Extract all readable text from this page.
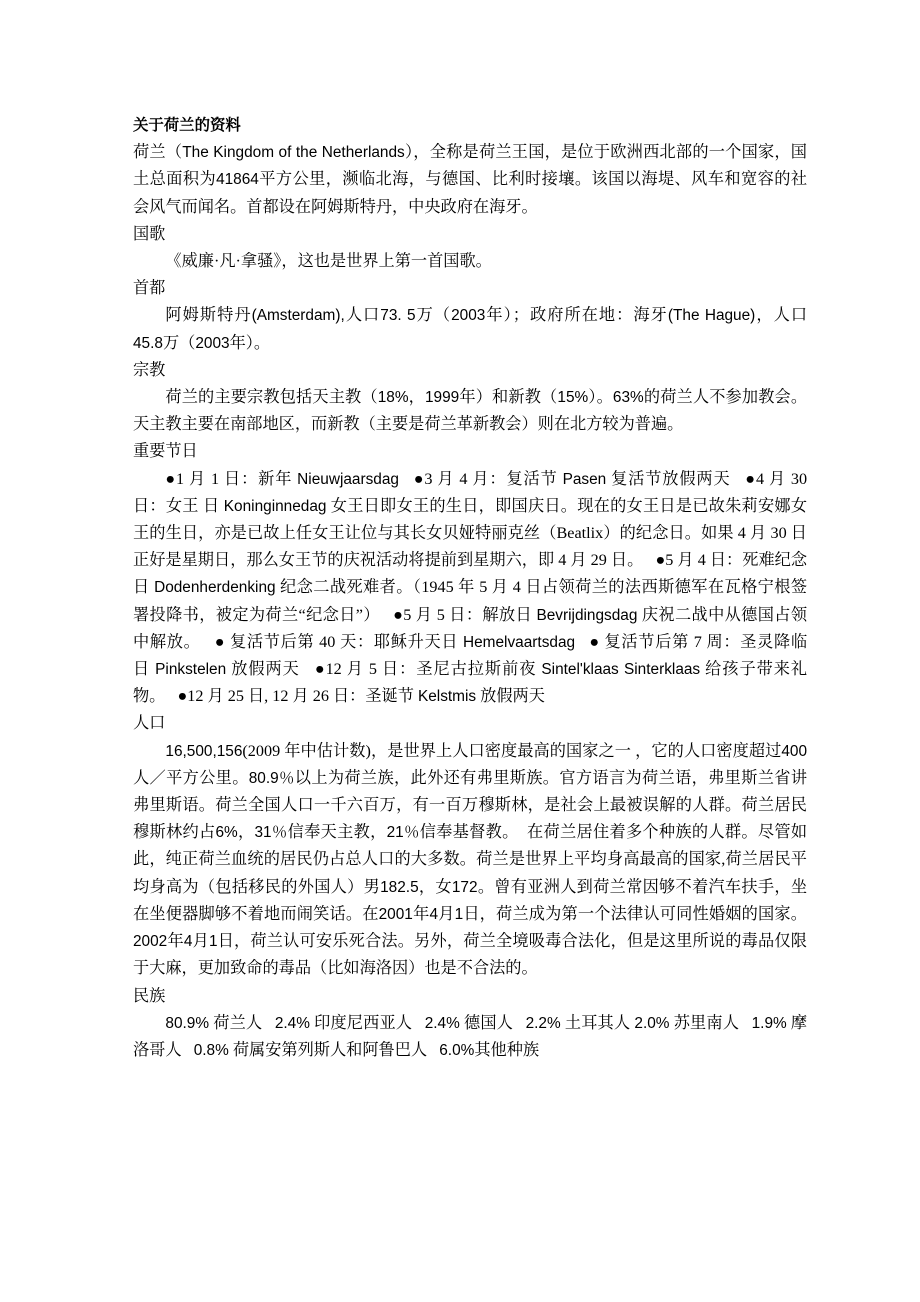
关于荷兰的资料

荷兰（The Kingdom of the Netherlands），全称是荷兰王国，是位于欧洲西北部的一个国家，国土总面积为41864平方公里，濒临北海，与德国、比利时接壤。该国以海堤、风车和宽容的社会风气而闻名。首都设在阿姆斯特丹，中央政府在海牙。

国歌

《威廉·凡·拿骚》，这也是世界上第一首国歌。

首都

阿姆斯特丹(Amsterdam),人口73. 5万（2003年）；政府所在地：海牙(The Hague)，人口45.8万（2003年）。

宗教

荷兰的主要宗教包括天主教（18%，1999年）和新教（15%）。63%的荷兰人不参加教会。天主教主要在南部地区，而新教（主要是荷兰革新教会）则在北方较为普遍。

重要节日

●1 月 1 日：新年 Nieuwjaarsdag ●3 月 4 月：复活节 Pasen 复活节放假两天 ●4 月 30 日：女王 日 Koninginnedag 女王日即女王的生日，即国庆日。现在的女王日是已故朱莉安娜女王的生日，亦是已故上任女王让位与其长女贝娅特丽克丝（Beatlix）的纪念日。如果 4 月 30 日正好是星期日，那么女王节的庆祝活动将提前到星期六，即 4 月 29 日。 ●5 月 4 日：死难纪念日 Dodenherdenking 纪念二战死难者。（1945 年 5 月 4 日占领荷兰的法西斯德军在瓦格宁根签署投降书，被定为荷兰“纪念日”） ●5 月 5 日：解放日 Bevrijdingsdag 庆祝二战中从德国占领中解放。 ● 复活节后第 40 天：耶稣升天日 Hemelvaartsdag ● 复活节后第 7 周：圣灵降临日 Pinkstelen 放假两天 ●12 月 5 日：圣尼古拉斯前夜 Sintel'klaas Sinterklaas 给孩子带来礼物。 ●12 月 25 日, 12 月 26 日：圣诞节 Kelstmis 放假两天

人口

16,500,156(2009 年中估计数)，是世界上人口密度最高的国家之一 ，它的人口密度超过400人／平方公里。80.9％以上为荷兰族，此外还有弗里斯族。官方语言为荷兰语，弗里斯兰省讲弗里斯语。荷兰全国人口一千六百万，有一百万穆斯林，是社会上最被误解的人群。荷兰居民穆斯林约占6%，31％信奉天主教，21％信奉基督教。　在荷兰居住着多个种族的人群。尽管如此，纯正荷兰血统的居民仍占总人口的大多数。荷兰是世界上平均身高最高的国家,荷兰居民平均身高为（包括移民的外国人）男182.5，女172。曾有亚洲人到荷兰常因够不着汽车扶手，坐在坐便器脚够不着地而闹笑话。在2001年4月1日，荷兰成为第一个法律认可同性婚姻的国家。2002年4月1日，荷兰认可安乐死合法。另外，荷兰全境吸毒合法化，但是这里所说的毒品仅限于大麻，更加致命的毒品（比如海洛因）也是不合法的。

民族

80.9% 荷兰人 2.4% 印度尼西亚人 2.4% 德国人 2.2% 土耳其人 2.0% 苏里南人 1.9% 摩洛哥人 0.8% 荷属安第列斯人和阿鲁巴人 6.0%其他种族
